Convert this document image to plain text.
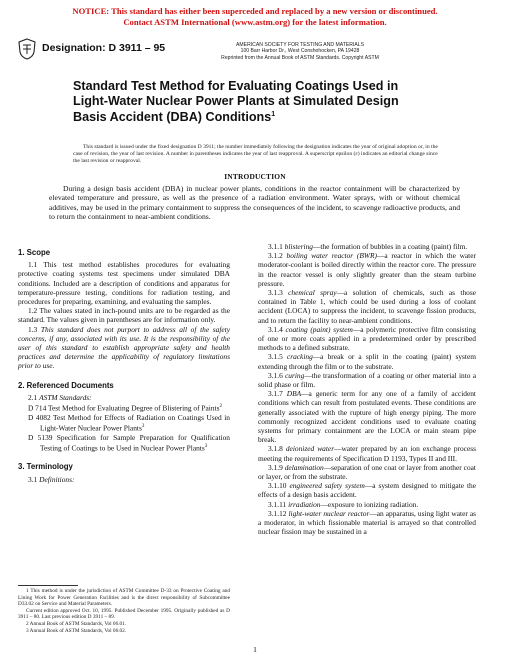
NOTICE: This standard has either been superceded and replaced by a new version or discontinued.
Contact ASTM International (www.astm.org) for the latest information.
Designation: D 3911 – 95	AMERICAN SOCIETY FOR TESTING AND MATERIALS
100 Barr Harbor Dr., West Conshohocken, PA 19428
Reprinted from the Annual Book of ASTM Standards. Copyright ASTM
Standard Test Method for Evaluating Coatings Used in Light-Water Nuclear Power Plants at Simulated Design Basis Accident (DBA) Conditions$^1$
This standard is issued under the fixed designation D 3911; the number immediately following the designation indicates the year of original adoption or, in the case of revision, the year of last revision. A number in parentheses indicates the year of last reapproval. A superscript epsilon (ε) indicates an editorial change since the last revision or reapproval.
INTRODUCTION
During a design basis accident (DBA) in nuclear power plants, conditions in the reactor containment will be characterized by elevated temperature and pressure, as well as the presence of a radiation environment. Water sprays, with or without chemical additives, may be used in the primary containment to suppress the consequences of the incident, to scavenge radioactive products, and to return the containment to near-ambient conditions.
1. Scope

1.1 This test method establishes procedures for evaluating protective coating systems test specimens under simulated DBA conditions. Included are a description of conditions and apparatus for temperature-pressure testing, conditions for radiation testing, and procedures for preparing, examining, and evaluating the samples.

1.2 The values stated in inch-pound units are to be regarded as the standard. The values given in parentheses are for information only.

1.3 This standard does not purport to address all of the safety concerns, if any, associated with its use. It is the responsibility of the user of this standard to establish appropriate safety and health practices and determine the applicability of regulatory limitations prior to use.

2. Referenced Documents

2.1 ASTM Standards:

D 714 Test Method for Evaluating Degree of Blistering of Paints$^2$

D 4082 Test Method for Effects of Radiation on Coatings Used in Light-Water Nuclear Power Plants$^3$

D 5139 Specification for Sample Preparation for Qualification Testing of Coatings to be Used in Nuclear Power Plants$^3$

3. Terminology

3.1 Definitions:

1 This method is under the jurisdiction of ASTM Committee D-33 on Protective Coating and Lining Work for Power Generation Facilities and is the direct responsibility of Subcommittee D33.02 on Service and Material Parameters.

Current edition approved Oct. 10, 1995. Published December 1995. Originally published as D 3911 – 80. Last previous edition D 3911 – 89.

2 Annual Book of ASTM Standards, Vol 06.01.

3 Annual Book of ASTM Standards, Vol 06.02.

3.1.1 blistering—the formation of bubbles in a coating (paint) film.

3.1.2 boiling water reactor (BWR)—a reactor in which the water moderator-coolant is boiled directly within the reactor core. The pressure in the reactor vessel is only slightly greater than the steam turbine pressure.

3.1.3 chemical spray—a solution of chemicals, such as those contained in Table 1, which could be used during a loss of coolant accident (LOCA) to suppress the incident, to scavenge fission products, and to return the facility to near-ambient conditions.

3.1.4 coating (paint) system—a polymeric protective film consisting of one or more coats applied in a predetermined order by prescribed methods to a defined substrate.

3.1.5 cracking—a break or a split in the coating (paint) system extending through the film or to the substrate.

3.1.6 curing—the transformation of a coating or other material into a solid phase or film.

3.1.7 DBA—a generic term for any one of a family of accident conditions which can result from postulated events. These conditions are generally associated with the rupture of high energy piping. The more commonly recognized accident conditions used to evaluate coating systems for primary containment are the LOCA or main steam pipe break.

3.1.8 deionized water—water prepared by an ion exchange process meeting the requirements of Specification D 1193, Types II and III.

3.1.9 delamination—separation of one coat or layer from another coat or layer, or from the substrate.

3.1.10 engineered safety system—a system designed to mitigate the effects of a design basis accident.

3.1.11 irradiation—exposure to ionizing radiation.

3.1.12 light-water nuclear reactor—an apparatus, using light water as a moderator, in which fissionable material is arrayed so that controlled nuclear fission may be sustained in a

1
